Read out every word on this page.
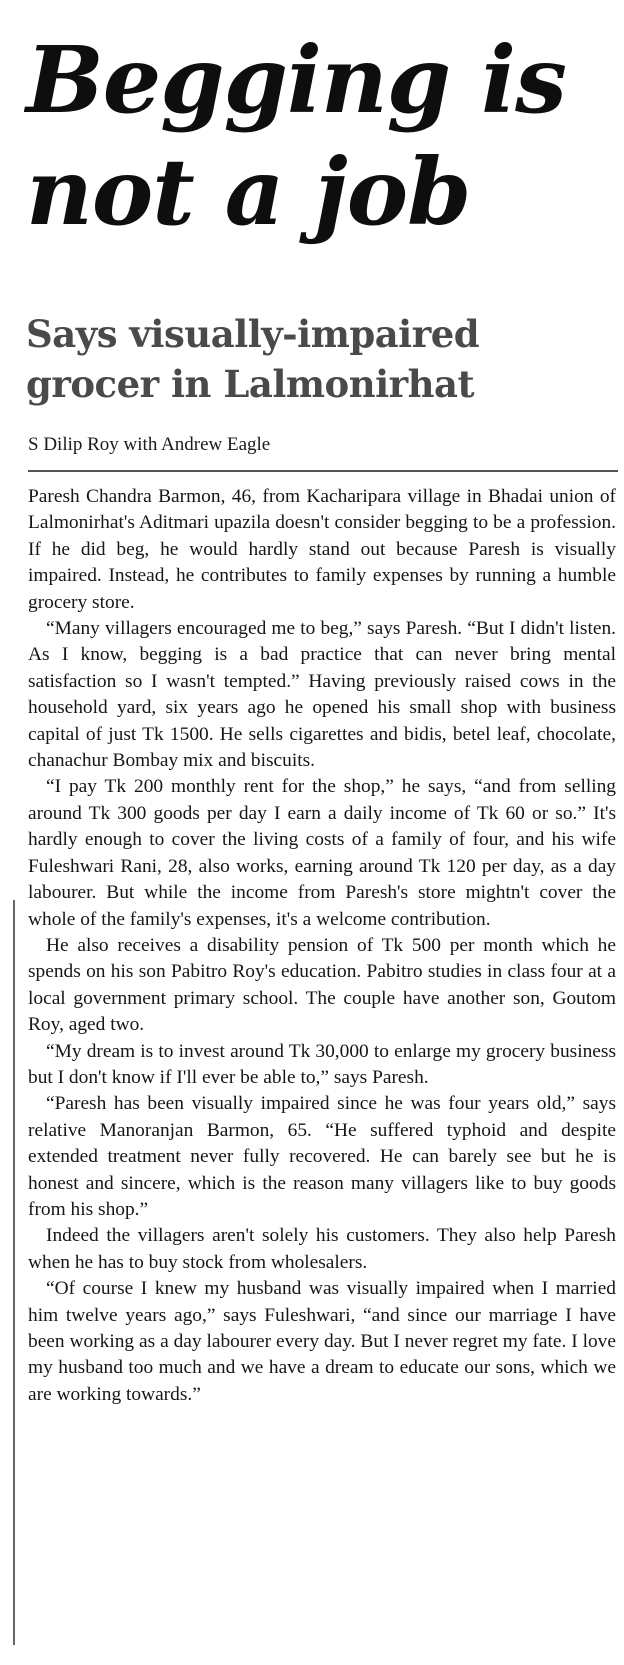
Begging is
not a job
Says visually-impaired
grocer in Lalmonirhat
S Dilip Roy with Andrew Eagle

Paresh Chandra Barmon, 46, from Kacharipara village in Bhadai union of Lalmonirhat's Aditmari upazila doesn't consider begging to be a profession. If he did beg, he would hardly stand out because Paresh is visually impaired. Instead, he contributes to family expenses by running a humble grocery store.

“Many villagers encouraged me to beg,” says Paresh. “But I didn't listen. As I know, begging is a bad practice that can never bring mental satisfaction so I wasn't tempted.” Having previously raised cows in the household yard, six years ago he opened his small shop with business capital of just Tk 1500. He sells cigarettes and bidis, betel leaf, chocolate, chanachur Bombay mix and biscuits.

“I pay Tk 200 monthly rent for the shop,” he says, “and from selling around Tk 300 goods per day I earn a daily income of Tk 60 or so.” It's hardly enough to cover the living costs of a family of four, and his wife Fuleshwari Rani, 28, also works, earning around Tk 120 per day, as a day labourer. But while the income from Paresh's store mightn't cover the whole of the family's expenses, it's a welcome contribution.

He also receives a disability pension of Tk 500 per month which he spends on his son Pabitro Roy's education. Pabitro studies in class four at a local government primary school. The couple have another son, Goutom Roy, aged two.

“My dream is to invest around Tk 30,000 to enlarge my grocery business but I don't know if I'll ever be able to,” says Paresh.

“Paresh has been visually impaired since he was four years old,” says relative Manoranjan Barmon, 65. “He suffered typhoid and despite extended treatment never fully recovered. He can barely see but he is honest and sincere, which is the reason many villagers like to buy goods from his shop.”

Indeed the villagers aren't solely his customers. They also help Paresh when he has to buy stock from wholesalers.

“Of course I knew my husband was visually impaired when I married him twelve years ago,” says Fuleshwari, “and since our marriage I have been working as a day labourer every day. But I never regret my fate. I love my husband too much and we have a dream to educate our sons, which we are working towards.”
